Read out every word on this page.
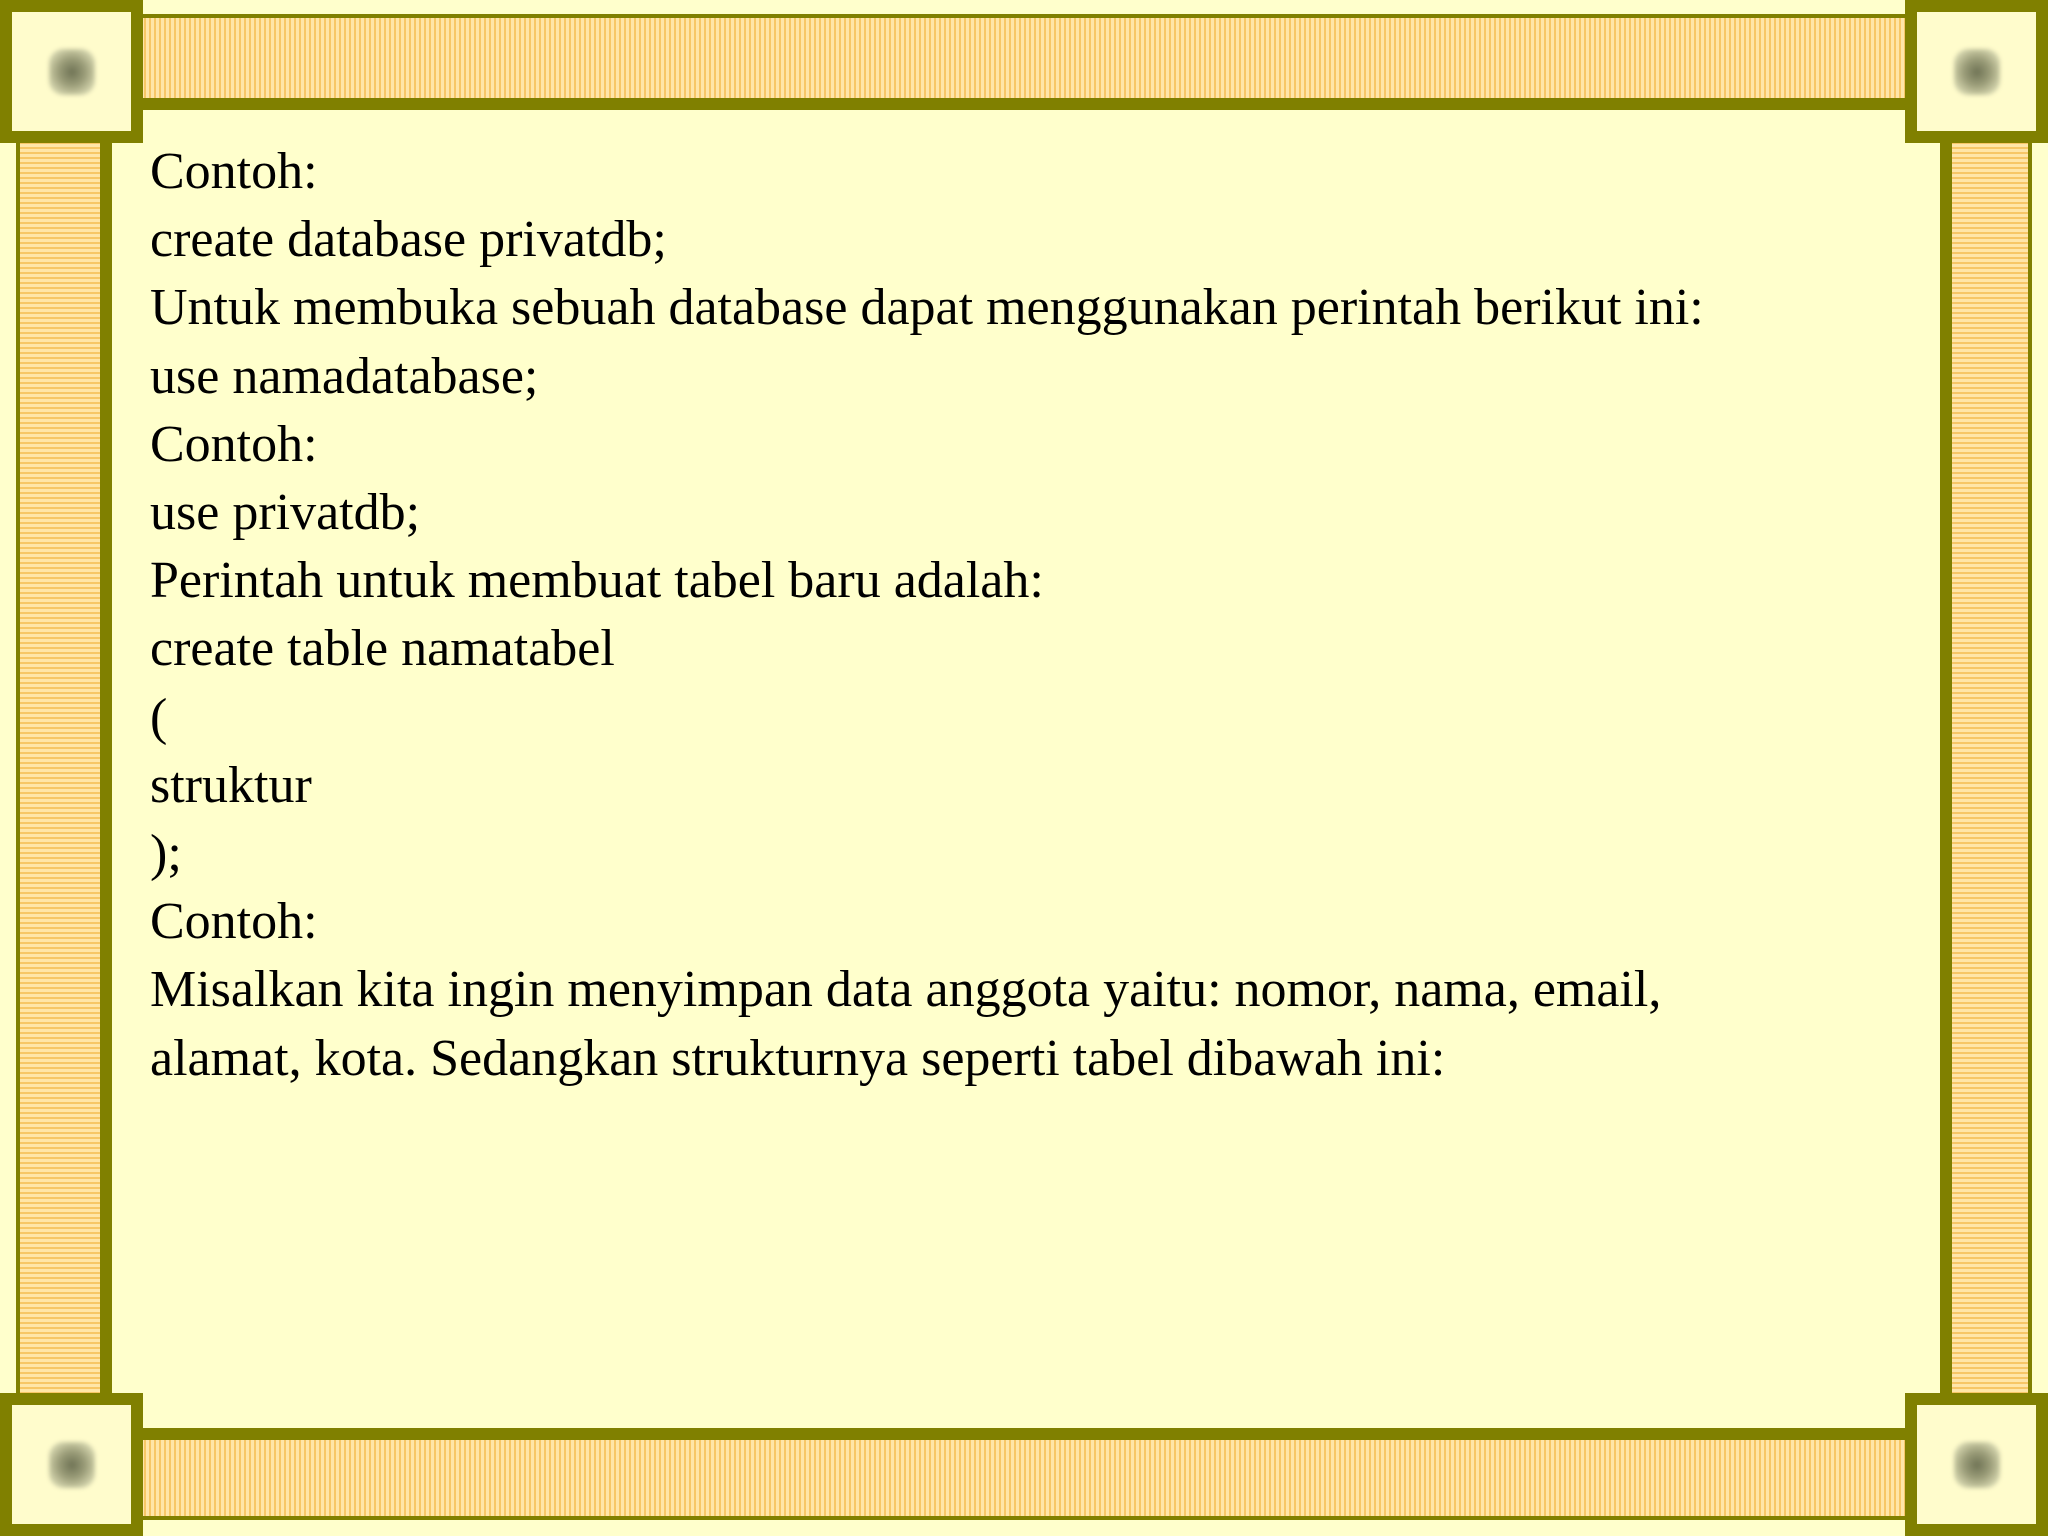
Contoh:
create database privatdb;
Untuk membuka sebuah database dapat menggunakan perintah berikut ini:
use namadatabase;
Contoh:
use privatdb;
Perintah untuk membuat tabel baru adalah:
create table namatabel
(
struktur
);
Contoh:
Misalkan kita ingin menyimpan data anggota yaitu: nomor, nama, email,
alamat, kota. Sedangkan strukturnya seperti tabel dibawah ini:
